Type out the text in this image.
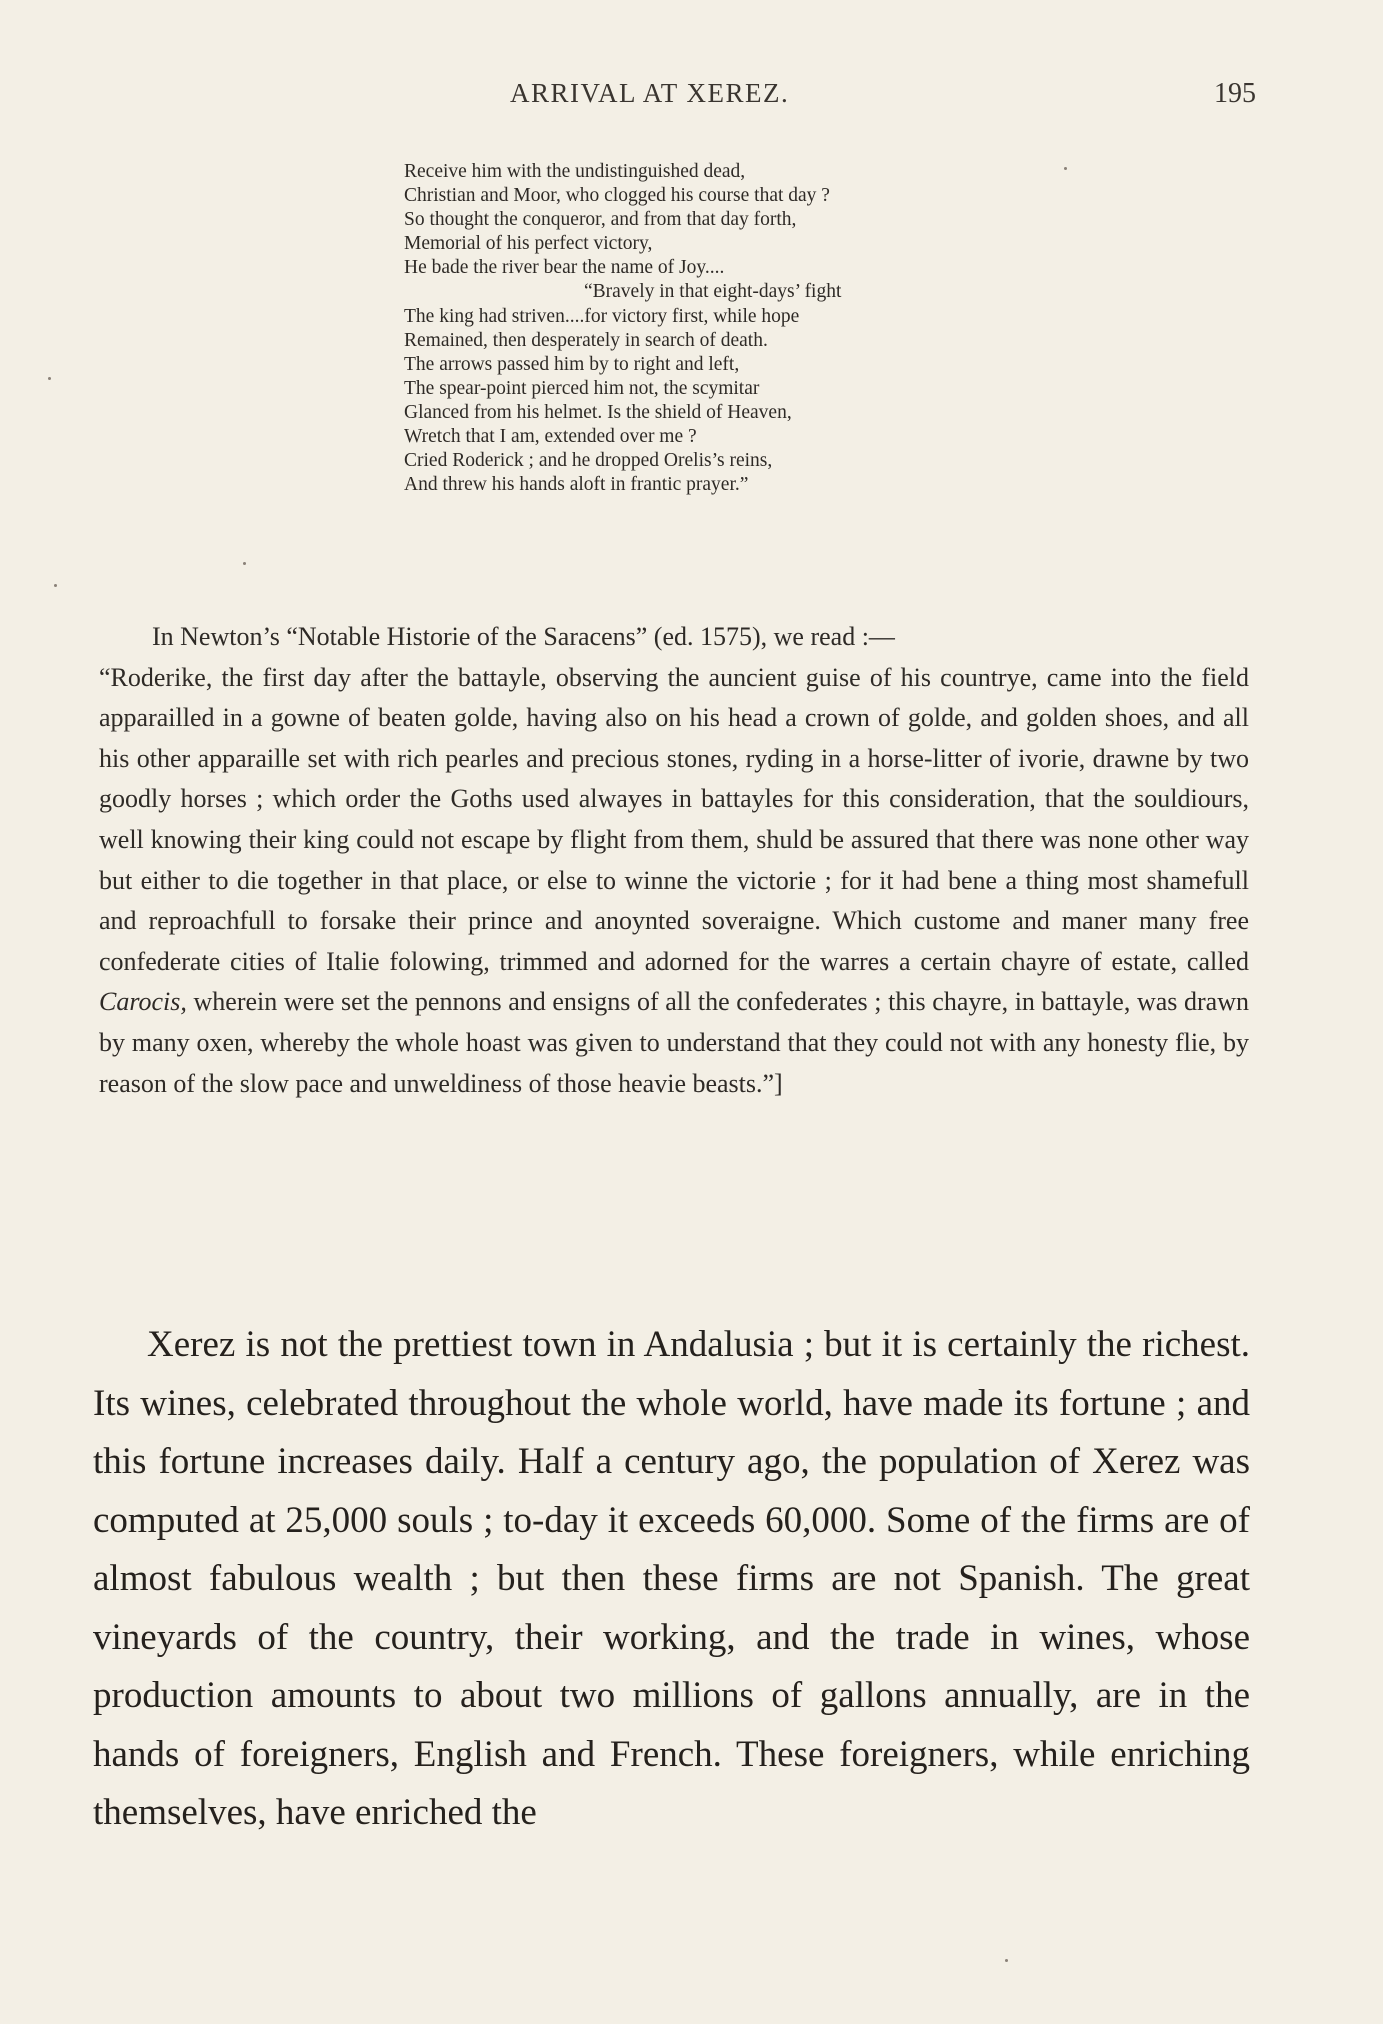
ARRIVAL AT XEREZ.	195
Receive him with the undistinguished dead,
Christian and Moor, who clogged his course that day ?
So thought the conqueror, and from that day forth,
Memorial of his perfect victory,
He bade the river bear the name of Joy....
“Bravely in that eight-days’ fight
The king had striven....for victory first, while hope
Remained, then desperately in search of death.
The arrows passed him by to right and left,
The spear-point pierced him not, the scymitar
Glanced from his helmet. Is the shield of Heaven,
Wretch that I am, extended over me ?
Cried Roderick ; and he dropped Orelis’s reins,
And threw his hands aloft in frantic prayer.”

In Newton’s “Notable Historie of the Saracens” (ed. 1575), we read :—

“Roderike, the first day after the battayle, observing the auncient guise of his countrye, came into the field apparailled in a gowne of beaten golde, having also on his head a crown of golde, and golden shoes, and all his other apparaille set with rich pearles and precious stones, ryding in a horse-litter of ivorie, drawne by two goodly horses ; which order the Goths used alwayes in battayles for this consideration, that the souldiours, well knowing their king could not escape by flight from them, shuld be assured that there was none other way but either to die together in that place, or else to winne the victorie ; for it had bene a thing most shamefull and reproachfull to forsake their prince and anoynted soveraigne. Which custome and maner many free confederate cities of Italie folowing, trimmed and adorned for the warres a certain chayre of estate, called Carocis, wherein were set the pennons and ensigns of all the confederates ; this chayre, in battayle, was drawn by many oxen, whereby the whole hoast was given to understand that they could not with any honesty flie, by reason of the slow pace and unweldiness of those heavie beasts.”]

Xerez is not the prettiest town in Andalusia ; but it is certainly the richest. Its wines, celebrated throughout the whole world, have made its fortune ; and this fortune increases daily. Half a century ago, the population of Xerez was computed at 25,000 souls ; to-day it exceeds 60,000. Some of the firms are of almost fabulous wealth ; but then these firms are not Spanish. The great vineyards of the country, their working, and the trade in wines, whose production amounts to about two millions of gallons annually, are in the hands of foreigners, English and French. These foreigners, while enriching themselves, have enriched the
